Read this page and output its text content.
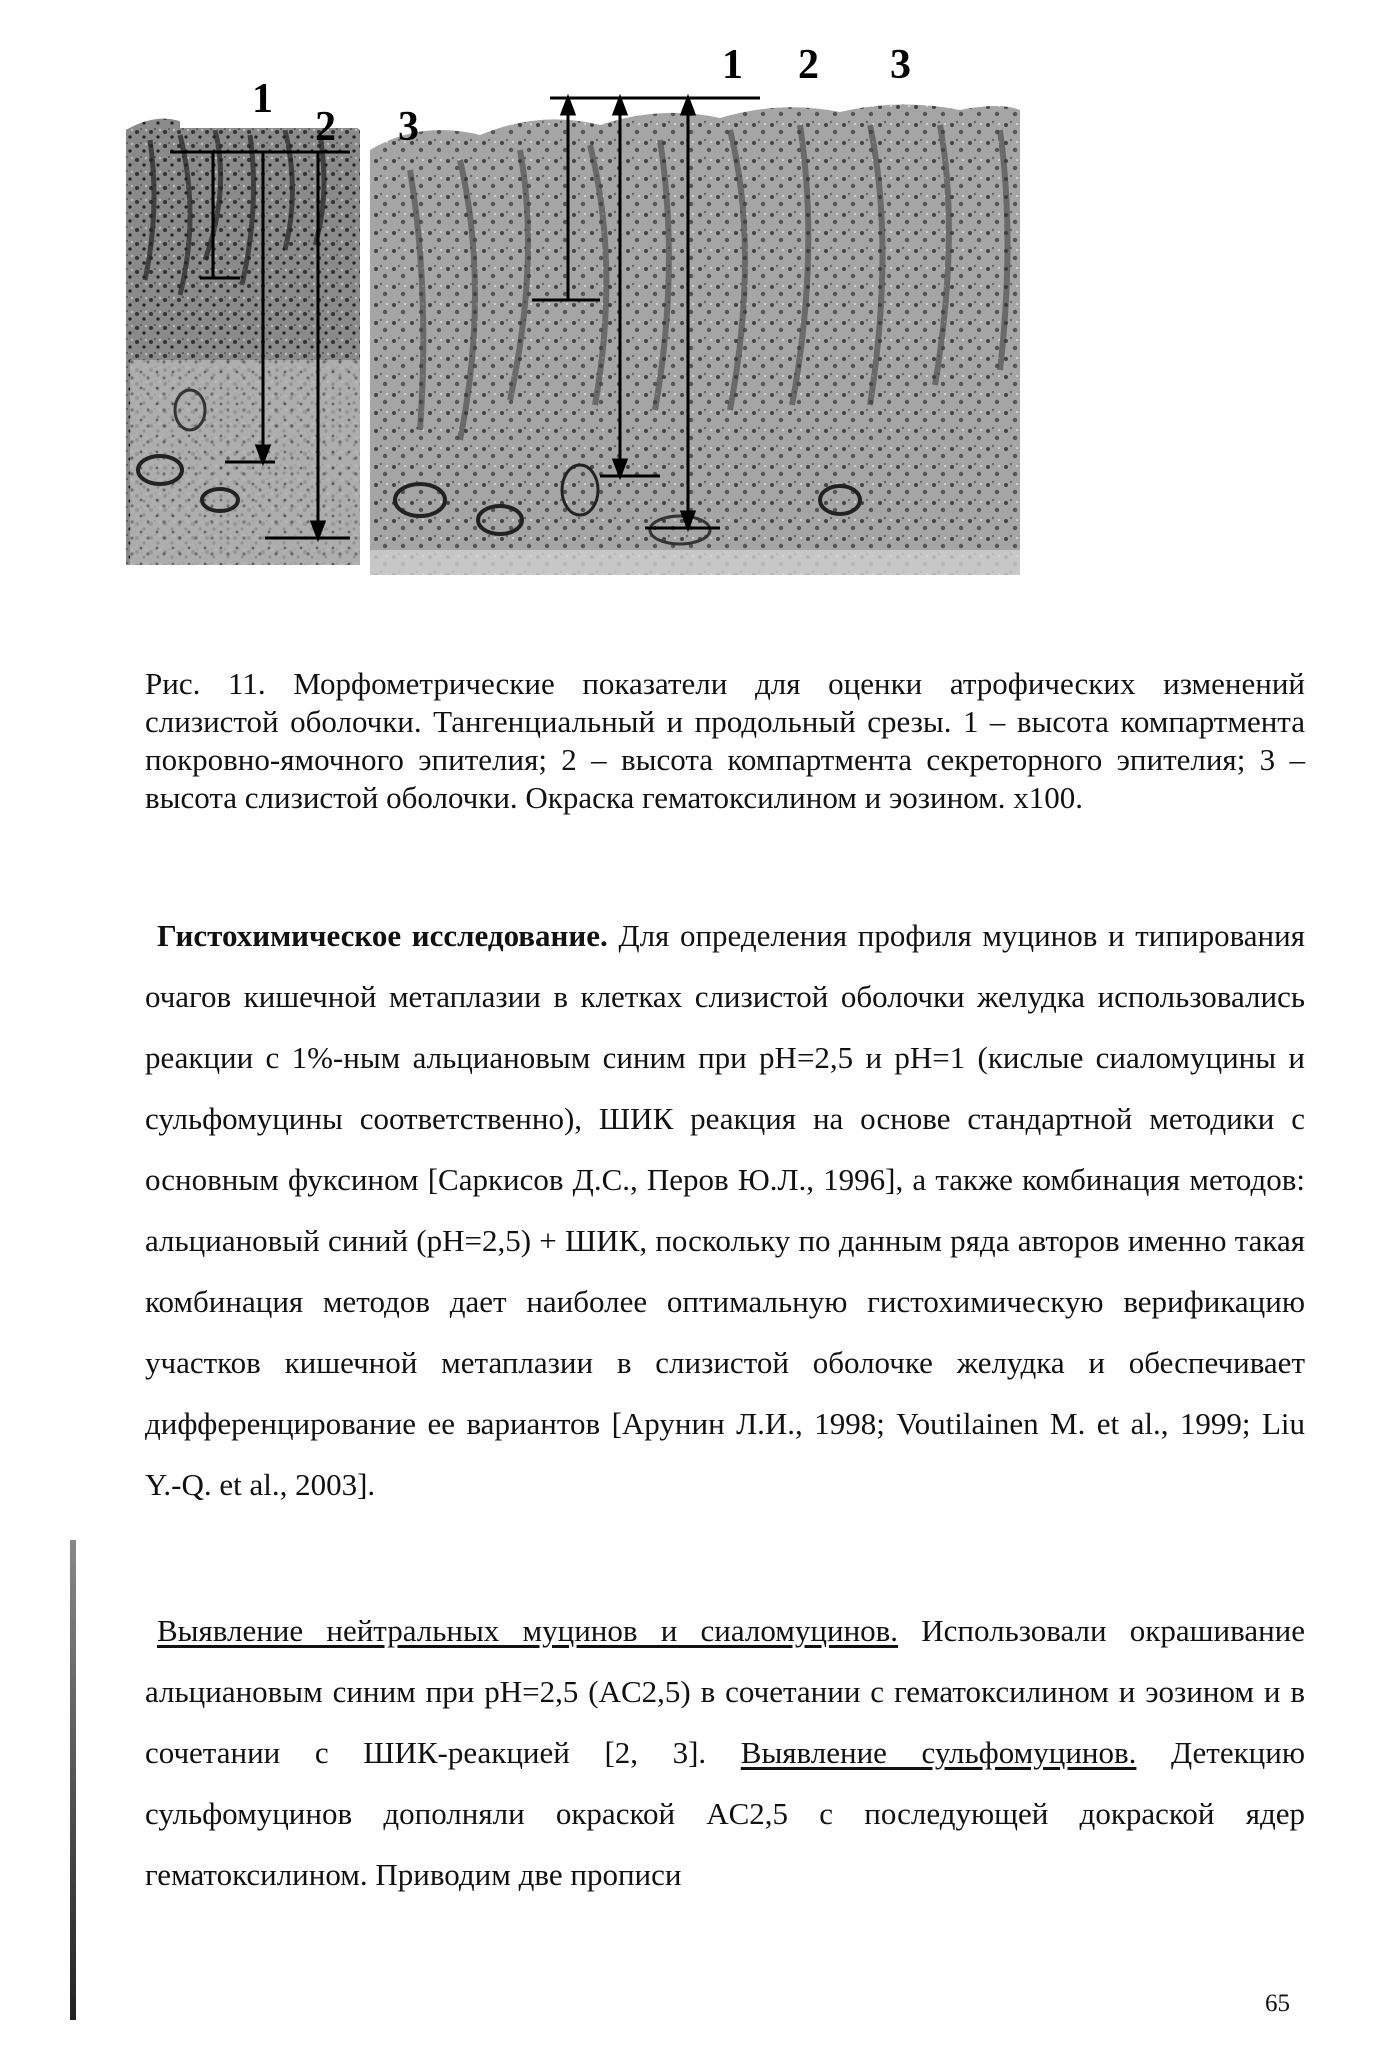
1
2 3
1 2 3
Рис. 11. Морфометрические показатели для оценки атрофических изменений слизистой оболочки. Тангенциальный и продольный срезы. 1 – высота компартмента покровно-ямочного эпителия; 2 – высота компартмента секреторного эпителия; 3 – высота слизистой оболочки. Окраска гематоксилином и эозином. х100.
Гистохимическое исследование. Для определения профиля муцинов и типирования очагов кишечной метаплазии в клетках слизистой оболочки желудка использовались реакции с 1%-ным альциановым синим при pH=2,5 и pH=1 (кислые сиаломуцины и сульфомуцины соответственно), ШИК реакция на основе стандартной методики с основным фуксином [Саркисов Д.С., Перов Ю.Л., 1996], а также комбинация методов: альциановый синий (pH=2,5) + ШИК, поскольку по данным ряда авторов именно такая комбинация методов дает наиболее оптимальную гистохимическую верификацию участков кишечной метаплазии в слизистой оболочке желудка и обеспечивает дифференцирование ее вариантов [Арунин Л.И., 1998; Voutilainen M. et al., 1999; Liu Y.-Q. et al., 2003].
Выявление нейтральных муцинов и сиаломуцинов. Использовали окрашивание альциановым синим при pH=2,5 (AC2,5) в сочетании с гематоксилином и эозином и в сочетании с ШИК-реакцией [2, 3]. Выявление сульфомуцинов. Детекцию сульфомуцинов дополняли окраской AC2,5 с последующей докраской ядер гематоксилином. Приводим две прописи
65
